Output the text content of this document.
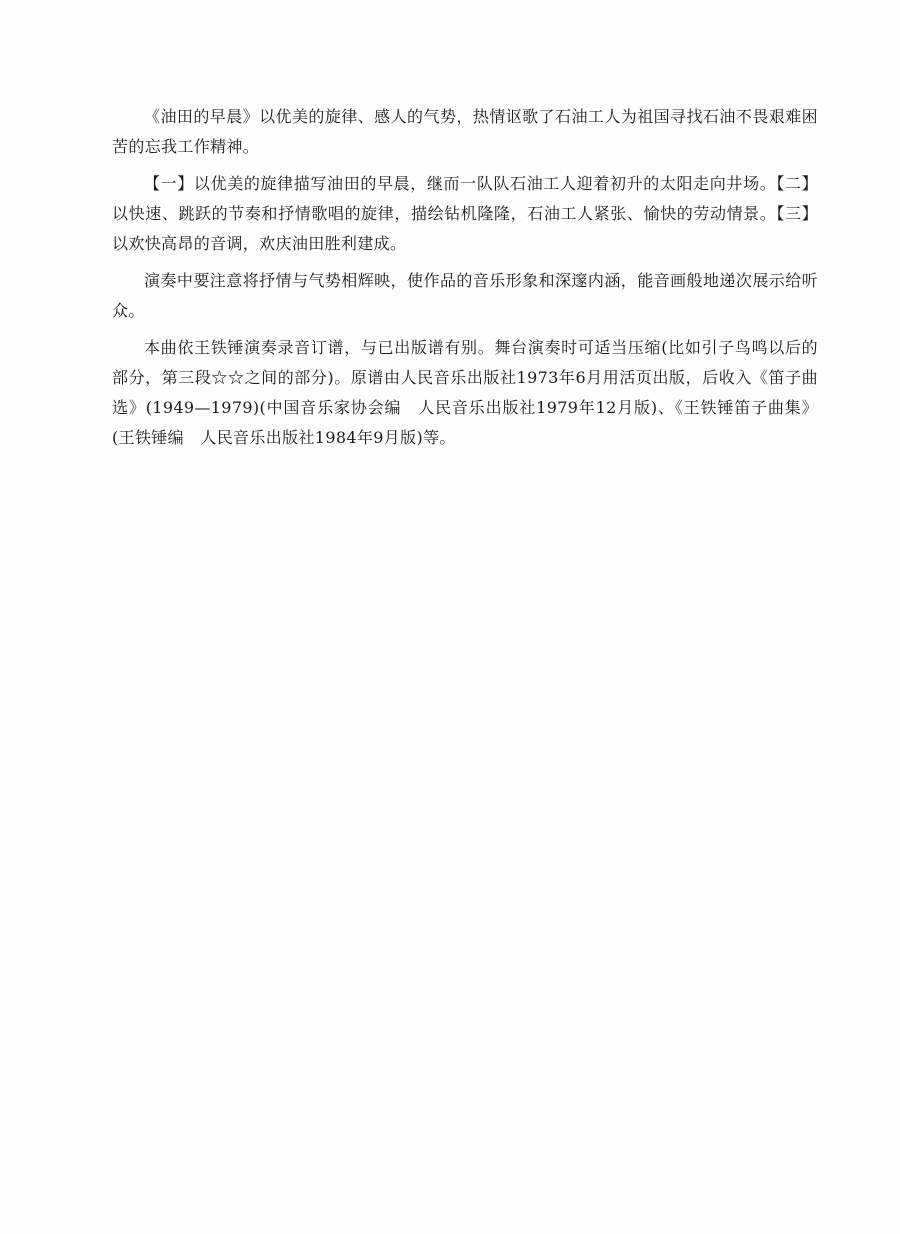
《油田的早晨》以优美的旋律、感人的气势，热情讴歌了石油工人为祖国寻找石油不畏艰难困苦的忘我工作精神。

【一】以优美的旋律描写油田的早晨，继而一队队石油工人迎着初升的太阳走向井场。【二】以快速、跳跃的节奏和抒情歌唱的旋律，描绘钻机隆隆，石油工人紧张、愉快的劳动情景。【三】以欢快高昂的音调，欢庆油田胜利建成。

演奏中要注意将抒情与气势相辉映，使作品的音乐形象和深邃内涵，能音画般地递次展示给听众。

本曲依王铁锤演奏录音订谱，与已出版谱有别。舞台演奏时可适当压缩(比如引子鸟鸣以后的部分，第三段☆☆之间的部分)。原谱由人民音乐出版社1973年6月用活页出版，后收入《笛子曲选》(1949—1979)(中国音乐家协会编　人民音乐出版社1979年12月版)、《王铁锤笛子曲集》(王铁锤编　人民音乐出版社1984年9月版)等。
